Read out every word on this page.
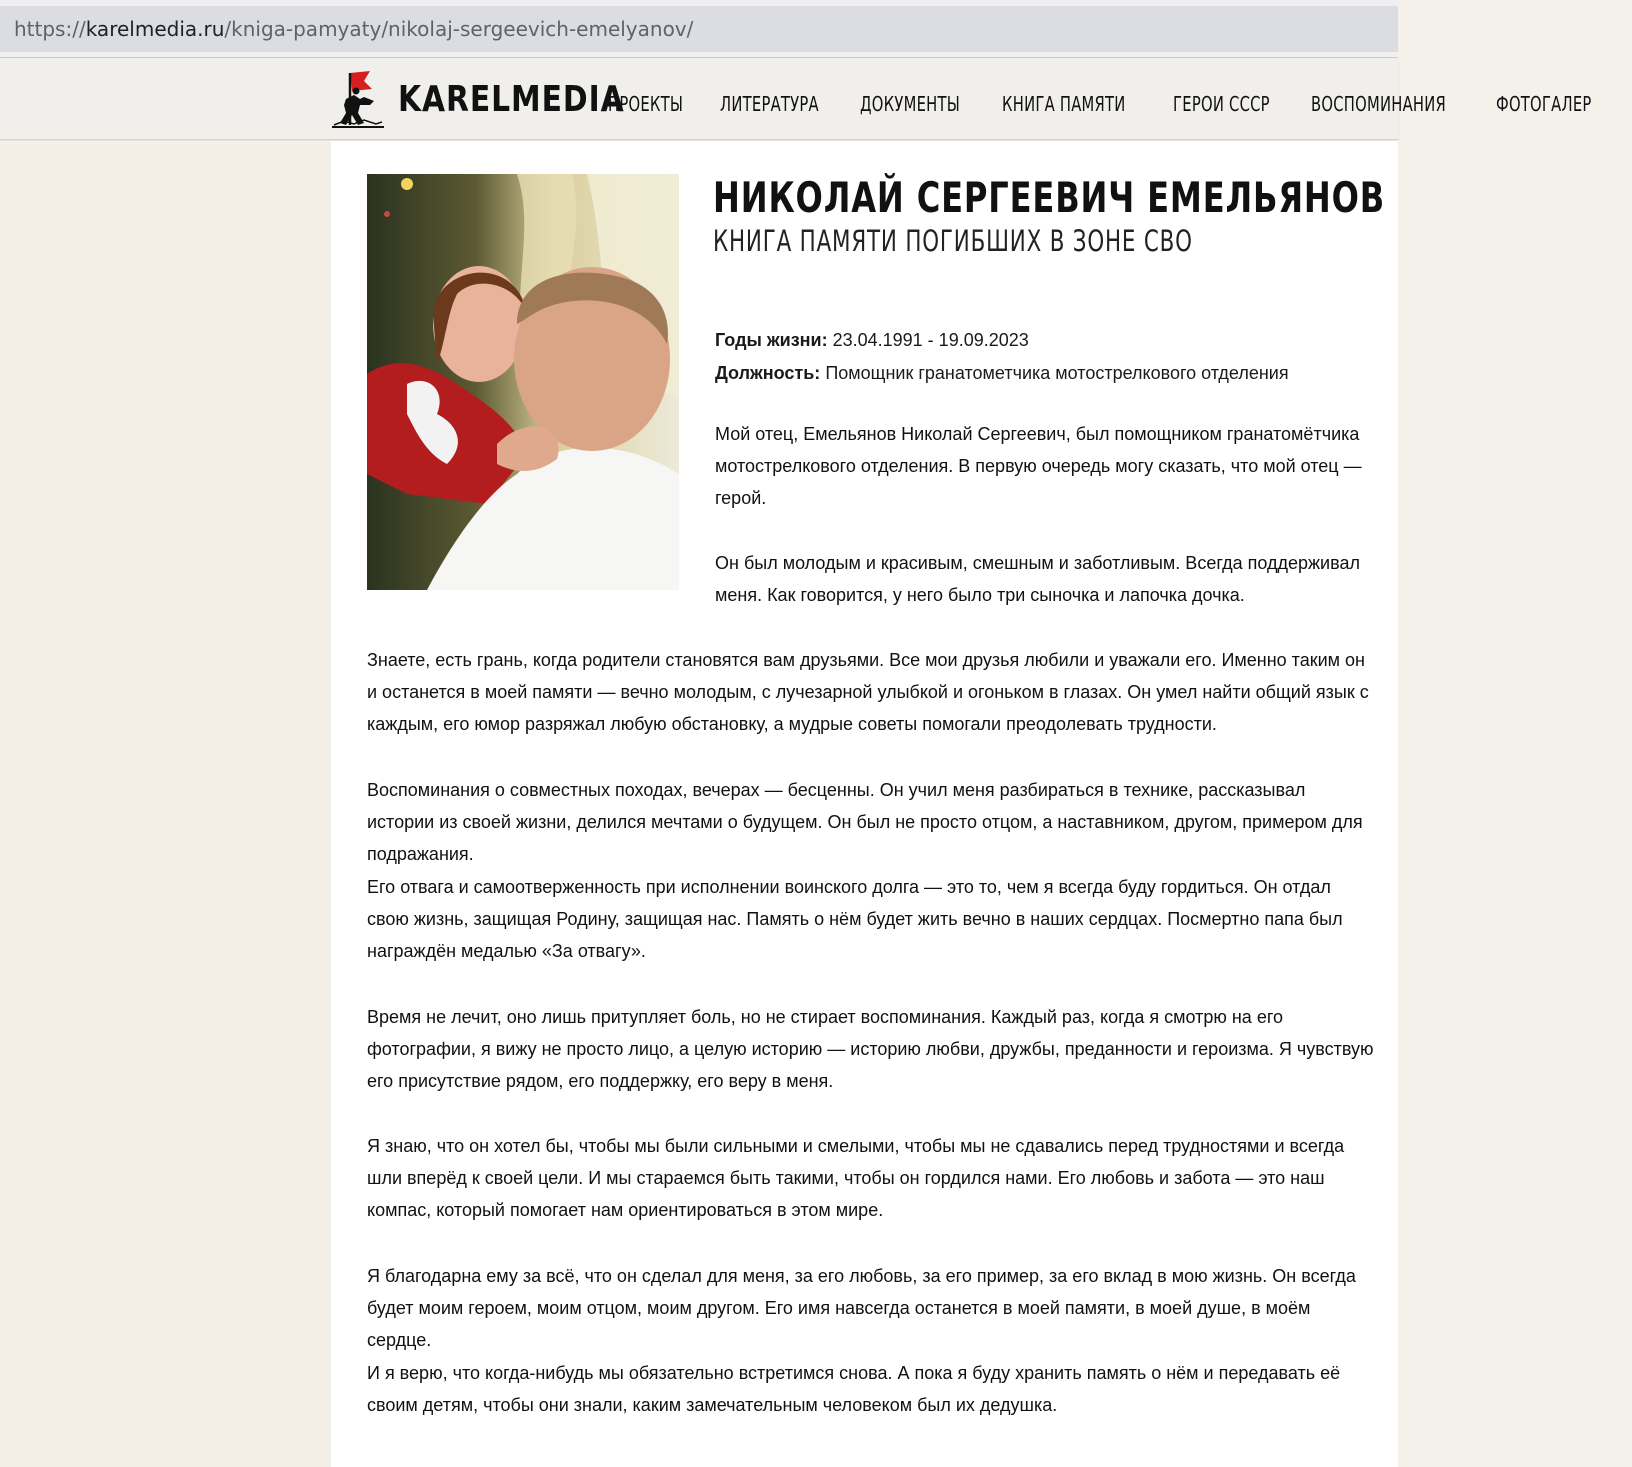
https:// karelmedia.ru /kniga-pamyaty/nikolaj-sergeevich-emelyanov/
KARELMEDIA
ПРОЕКТЫ ЛИТЕРАТУРА ДОКУМЕНТЫ КНИГА ПАМЯТИ ГЕРОИ СССР ВОСПОМИНАНИЯ ФОТОГАЛЕР
НИКОЛАЙ СЕРГЕЕВИЧ ЕМЕЛЬЯНОВ
КНИГА ПАМЯТИ ПОГИБШИХ В ЗОНЕ СВО
Годы жизни: 23.04.1991 - 19.09.2023
Должность: Помощник гранатометчика мотострелкового отделения

Мой отец, Емельянов Николай Сергеевич, был помощником гранатомётчика мотострелкового отделения. В первую очередь могу сказать, что мой отец — герой.

Он был молодым и красивым, смешным и заботливым. Всегда поддерживал меня. Как говорится, у него было три сыночка и лапочка дочка.

Знаете, есть грань, когда родители становятся вам друзьями. Все мои друзья любили и уважали его. Именно таким он и останется в моей памяти — вечно молодым, с лучезарной улыбкой и огоньком в глазах. Он умел найти общий язык с каждым, его юмор разряжал любую обстановку, а мудрые советы помогали преодолевать трудности.

Воспоминания о совместных походах, вечерах — бесценны. Он учил меня разбираться в технике, рассказывал истории из своей жизни, делился мечтами о будущем. Он был не просто отцом, а наставником, другом, примером для подражания.

Его отвага и самоотверженность при исполнении воинского долга — это то, чем я всегда буду гордиться. Он отдал свою жизнь, защищая Родину, защищая нас. Память о нём будет жить вечно в наших сердцах. Посмертно папа был награждён медалью «За отвагу».

Время не лечит, оно лишь притупляет боль, но не стирает воспоминания. Каждый раз, когда я смотрю на его фотографии, я вижу не просто лицо, а целую историю — историю любви, дружбы, преданности и героизма. Я чувствую его присутствие рядом, его поддержку, его веру в меня.

Я знаю, что он хотел бы, чтобы мы были сильными и смелыми, чтобы мы не сдавались перед трудностями и всегда шли вперёд к своей цели. И мы стараемся быть такими, чтобы он гордился нами. Его любовь и забота — это наш компас, который помогает нам ориентироваться в этом мире.

Я благодарна ему за всё, что он сделал для меня, за его любовь, за его пример, за его вклад в мою жизнь. Он всегда будет моим героем, моим отцом, моим другом. Его имя навсегда останется в моей памяти, в моей душе, в моём сердце.

И я верю, что когда-нибудь мы обязательно встретимся снова. А пока я буду хранить память о нём и передавать её своим детям, чтобы они знали, каким замечательным человеком был их дедушка.
